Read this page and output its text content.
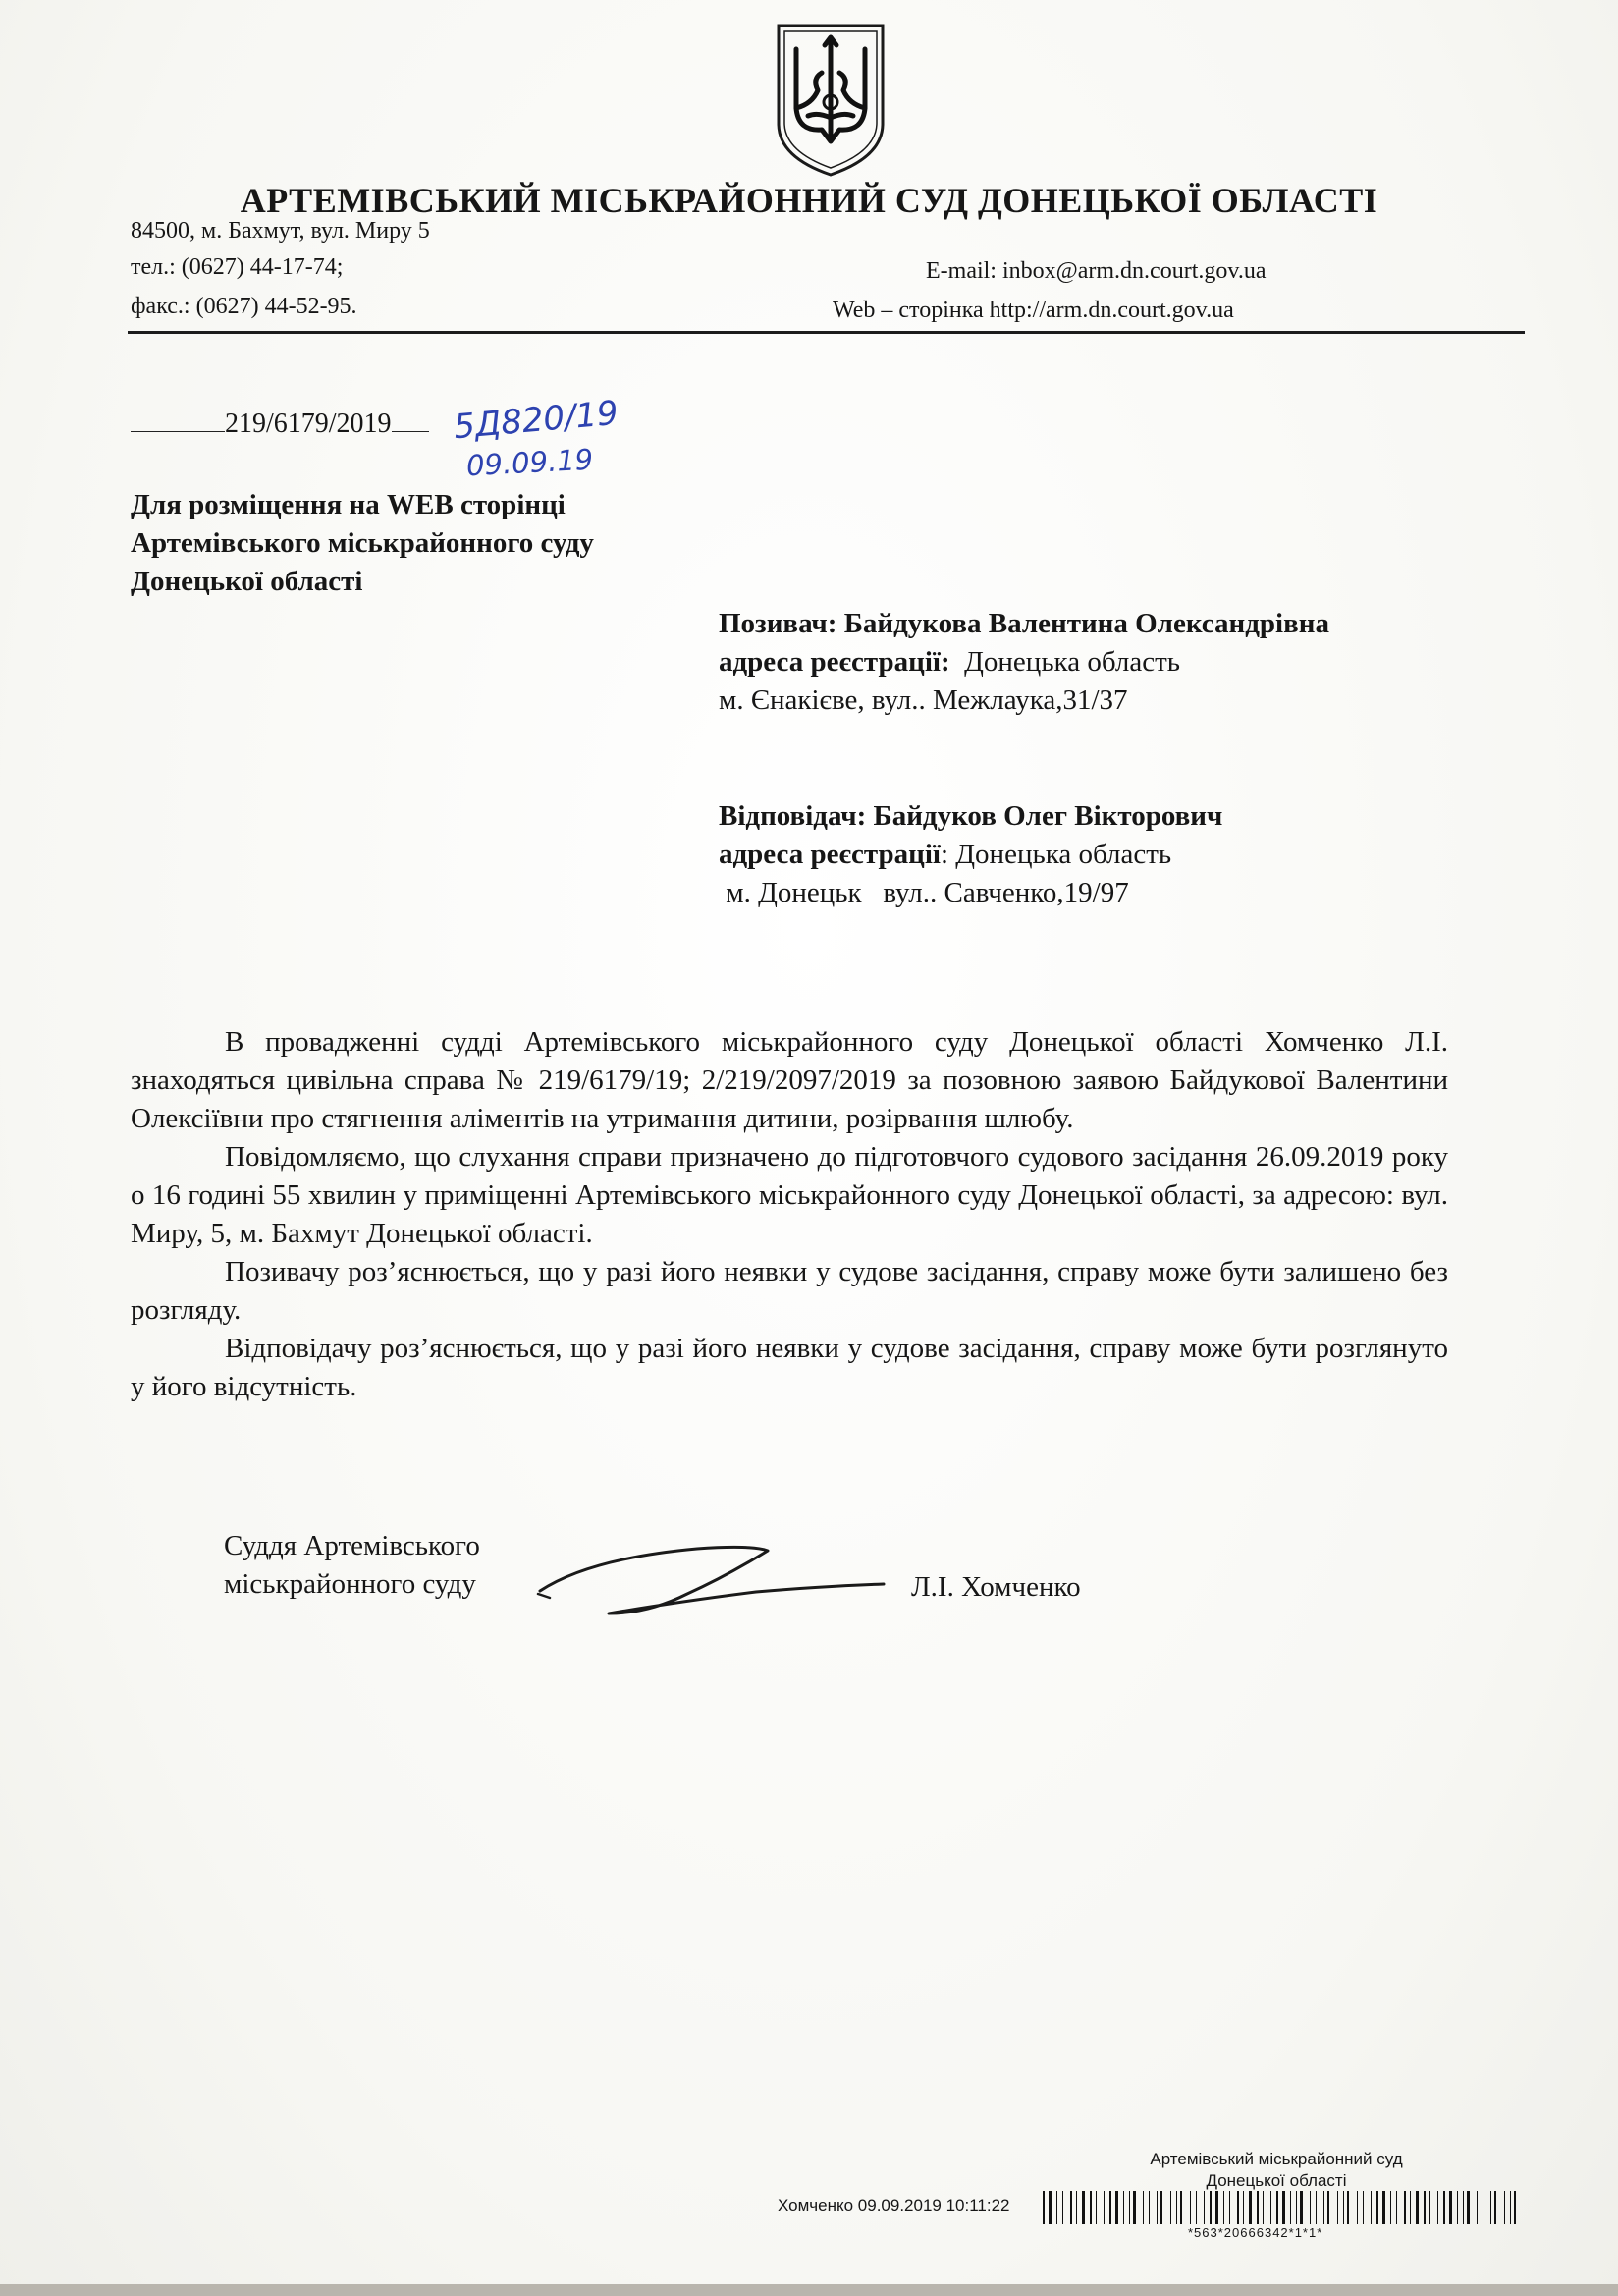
АРТЕМІВСЬКИЙ МІСЬКРАЙОННИЙ СУД ДОНЕЦЬКОЇ ОБЛАСТІ
84500, м. Бахмут, вул. Миру 5
тел.: (0627) 44-17-74;
факс.: (0627) 44-52-95.
E-mail: inbox@arm.dn.court.gov.ua
Web – сторінка http://arm.dn.court.gov.ua
219/6179/2019	5Д820/19
09.09.19
Для розміщення на WEB сторінці
Артемівського міськрайонного суду
Донецької області
Позивач: Байдукова Валентина Олександрівна
адреса реєстрації: Донецька область
м. Єнакієве, вул.. Межлаука,31/37
Відповідач: Байдуков Олег Вікторович
адреса реєстрації: Донецька область
м. Донецьк   вул.. Савченко,19/97

В провадженні судді Артемівського міськрайонного суду Донецької області Хомченко Л.І. знаходяться цивільна справа № 219/6179/19; 2/219/2097/2019 за позовною заявою Байдукової Валентини Олексіївни про стягнення аліментів на утримання дитини, розірвання шлюбу.

Повідомляємо, що слухання справи призначено до підготовчого судового засідання 26.09.2019 року о 16 годині 55 хвилин у приміщенні Артемівського міськрайонного суду Донецької області, за адресою: вул. Миру, 5, м. Бахмут Донецької області.

Позивачу роз’яснюється, що у разі його неявки у судове засідання, справу може бути залишено без розгляду.

Відповідачу роз’яснюється, що у разі його неявки у судове засідання, справу може бути розглянуто у його відсутність.

Суддя Артемівського
міськрайонного суду	Л.І. Хомченко
Артемівський міськрайонний суд
Донецької області
Хомченко 09.09.2019 10:11:22
*563*20666342*1*1*
